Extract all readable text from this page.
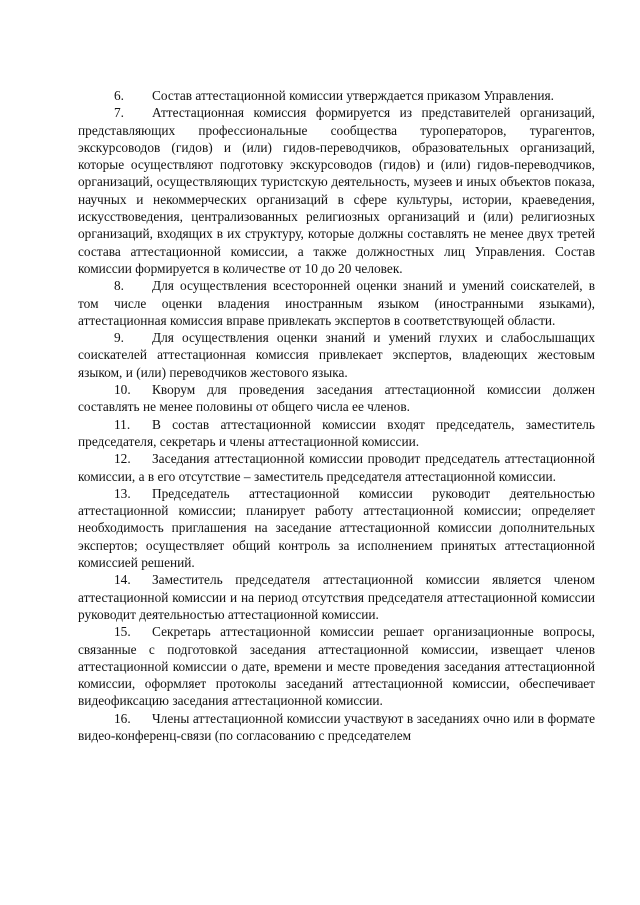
6. Состав аттестационной комиссии утверждается приказом Управления.

7. Аттестационная комиссия формируется из представителей организаций, представляющих профессиональные сообщества туроператоров, турагентов, экскурсоводов (гидов) и (или) гидов-переводчиков, образовательных организаций, которые осуществляют подготовку экскурсоводов (гидов) и (или) гидов-переводчиков, организаций, осуществляющих туристскую деятельность, музеев и иных объектов показа, научных и некоммерческих организаций в сфере культуры, истории, краеведения, искусствоведения, централизованных религиозных организаций и (или) религиозных организаций, входящих в их структуру, которые должны составлять не менее двух третей состава аттестационной комиссии, а также должностных лиц Управления. Состав комиссии формируется в количестве от 10 до 20 человек.

8. Для осуществления всесторонней оценки знаний и умений соискателей, в том числе оценки владения иностранным языком (иностранными языками), аттестационная комиссия вправе привлекать экспертов в соответствующей области.

9. Для осуществления оценки знаний и умений глухих и слабослышащих соискателей аттестационная комиссия привлекает экспертов, владеющих жестовым языком, и (или) переводчиков жестового языка.

10. Кворум для проведения заседания аттестационной комиссии должен составлять не менее половины от общего числа ее членов.

11. В состав аттестационной комиссии входят председатель, заместитель председателя, секретарь и члены аттестационной комиссии.

12. Заседания аттестационной комиссии проводит председатель аттестационной комиссии, а в его отсутствие – заместитель председателя аттестационной комиссии.

13. Председатель аттестационной комиссии руководит деятельностью аттестационной комиссии; планирует работу аттестационной комиссии; определяет необходимость приглашения на заседание аттестационной комиссии дополнительных экспертов; осуществляет общий контроль за исполнением принятых аттестационной комиссией решений.

14. Заместитель председателя аттестационной комиссии является членом аттестационной комиссии и на период отсутствия председателя аттестационной комиссии руководит деятельностью аттестационной комиссии.

15. Секретарь аттестационной комиссии решает организационные вопросы, связанные с подготовкой заседания аттестационной комиссии, извещает членов аттестационной комиссии о дате, времени и месте проведения заседания аттестационной комиссии, оформляет протоколы заседаний аттестационной комиссии, обеспечивает видеофиксацию заседания аттестационной комиссии.

16. Члены аттестационной комиссии участвуют в заседаниях очно или в формате видео-конференц-связи (по согласованию с председателем
